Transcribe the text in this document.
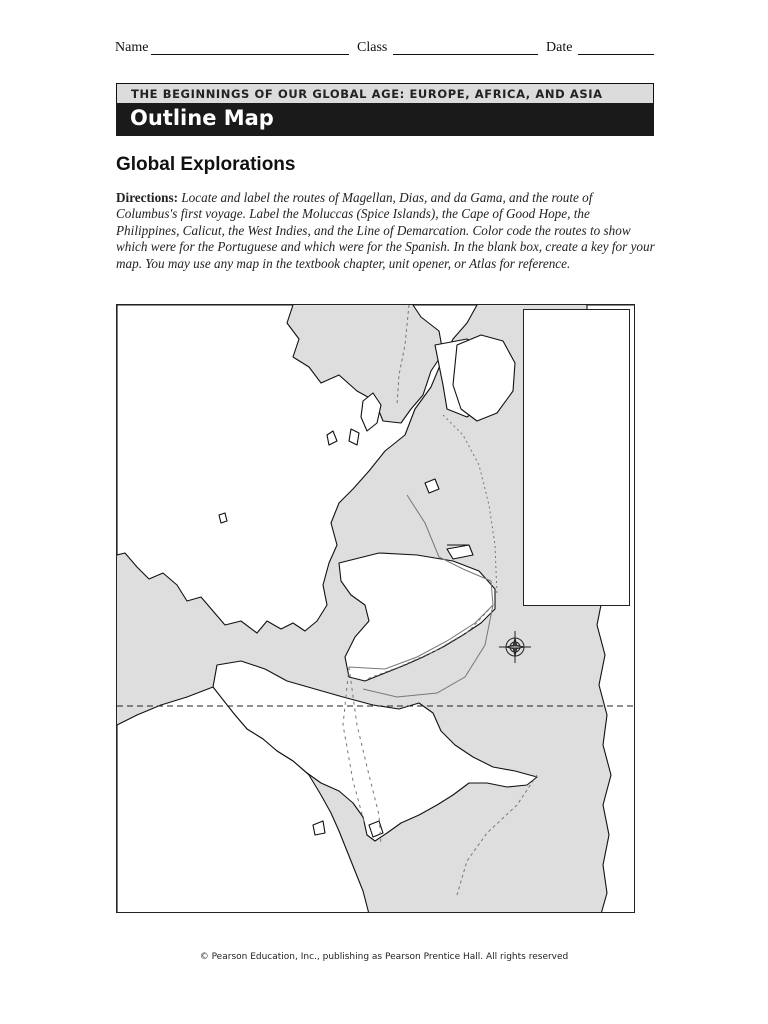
Name	Class	Date
THE BEGINNINGS OF OUR GLOBAL AGE: EUROPE, AFRICA, AND ASIA
Outline Map
Global Explorations
Directions: Locate and label the routes of Magellan, Dias, and da Gama, and the route of Columbus's first voyage. Label the Moluccas (Spice Islands), the Cape of Good Hope, the Philippines, Calicut, the West Indies, and the Line of Demarcation. Color code the routes to show which were for the Portuguese and which were for the Spanish. In the blank box, create a key for your map. You may use any map in the textbook chapter, unit opener, or Atlas for reference.
© Pearson Education, Inc., publishing as Pearson Prentice Hall. All rights reserved
